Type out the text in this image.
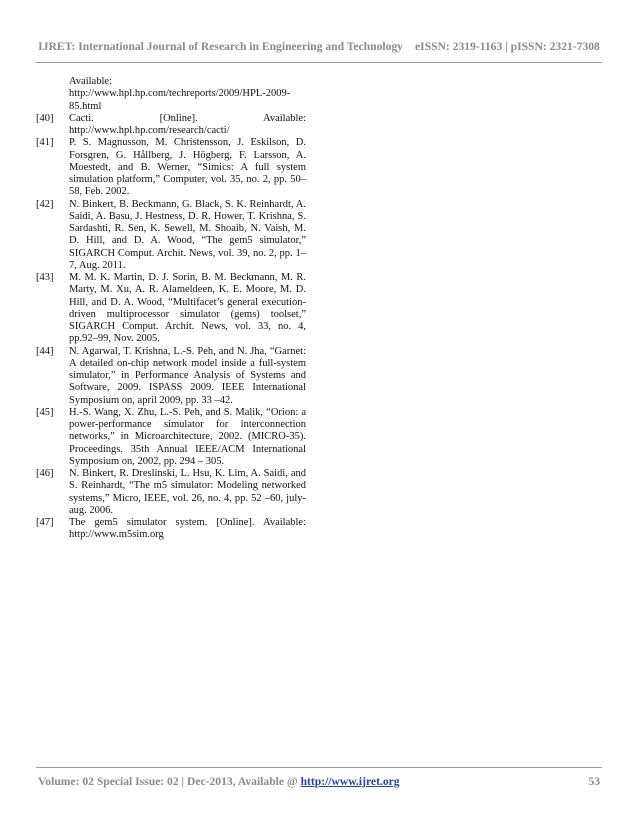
IJRET: International Journal of Research in Engineering and Technology eISSN: 2319-1163 | pISSN: 2321-7308
Available:
http://www.hpl.hp.com/techreports/2009/HPL-2009-
85.html
[40]	Cacti. [Online]. Available:
http://www.hpl.hp.com/research/cacti/
[41]	P. S. Magnusson, M. Christensson, J. Eskilson, D. Forsgren, G. Hållberg, J. Högberg, F. Larsson, A. Moestedt, and B. Werner, “Simics: A full system simulation platform,” Computer, vol. 35, no. 2, pp. 50–58, Feb. 2002.
[42]	N. Binkert, B. Beckmann, G. Black, S. K. Reinhardt, A. Saidi, A. Basu, J. Hestness, D. R. Hower, T. Krishna, S. Sardashti, R. Sen, K. Sewell, M. Shoaib, N. Vaish, M. D. Hill, and D. A. Wood, “The gem5 simulator,” SIGARCH Comput. Archit. News, vol. 39, no. 2, pp. 1–7, Aug. 2011.
[43]	M. M. K. Martin, D. J. Sorin, B. M. Beckmann, M. R. Marty, M. Xu, A. R. Alameldeen, K. E. Moore, M. D. Hill, and D. A. Wood, “Multifacet’s general execution-driven multiprocessor simulator (gems) toolset,” SIGARCH Comput. Archit. News, vol. 33, no. 4, pp.92–99, Nov. 2005.
[44]	N. Agarwal, T. Krishna, L.-S. Peh, and N. Jha, “Garnet: A detailed on-chip network model inside a full-system simulator,” in Performance Analysis of Systems and Software, 2009. ISPASS 2009. IEEE International Symposium on, april 2009, pp. 33 –42.
[45]	H.-S. Wang, X. Zhu, L.-S. Peh, and S. Malik, “Orion: a power-performance simulator for interconnection networks,” in Microarchitecture, 2002. (MICRO-35). Proceedings. 35th Annual IEEE/ACM International Symposium on, 2002, pp. 294 – 305.
[46]	N. Binkert, R. Dreslinski, L. Hsu, K. Lim, A. Saidi, and S. Reinhardt, “The m5 simulator: Modeling networked systems,” Micro, IEEE, vol. 26, no. 4, pp. 52 –60, july-aug. 2006.
[47]	The gem5 simulator system. [Online]. Available:
http://www.m5sim.org
Volume: 02 Special Issue: 02 | Dec-2013, Available @ http://www.ijret.org	53
